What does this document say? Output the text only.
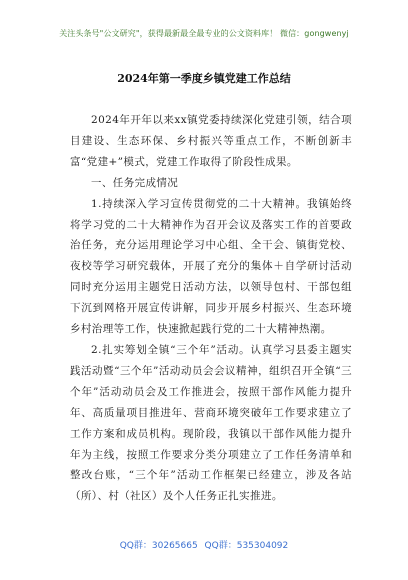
关注头条号"公文研究"，获得最新最全最专业的公文资料库！ 微信：gongwenyj
2024年第一季度乡镇党建工作总结

2024年开年以来xx镇党委持续深化党建引领，结合项目建设、生态环保、乡村振兴等重点工作，不断创新丰富“党建+”模式，党建工作取得了阶段性成果。

一、任务完成情况

1.持续深入学习宣传贯彻党的二十大精神。我镇始终将学习党的二十大精神作为召开会议及落实工作的首要政治任务，充分运用理论学习中心组、全干会、镇街党校、夜校等学习研究载体，开展了充分的集体＋自学研讨活动同时充分运用主题党日活动方法，以领导包村、干部包组下沉到网格开展宣传讲解，同步开展乡村振兴、生态环境乡村治理等工作，快速掀起践行党的二十大精神热潮。

2.扎实筹划全镇“三个年”活动。认真学习县委主题实践活动暨“三个年”活动动员会会议精神，组织召开全镇“三个年”活动动员会及工作推进会，按照干部作风能力提升年、高质量项目推进年、营商环境突破年工作要求建立了工作方案和成员机构。现阶段，我镇以干部作风能力提升年为主线，按照工作要求分类分项建立了工作任务清单和整改台账，“三个年”活动工作框架已经建立，涉及各站（所）、村（社区）及个人任务正扎实推进。

QQ群：30265665 QQ群：535304092
